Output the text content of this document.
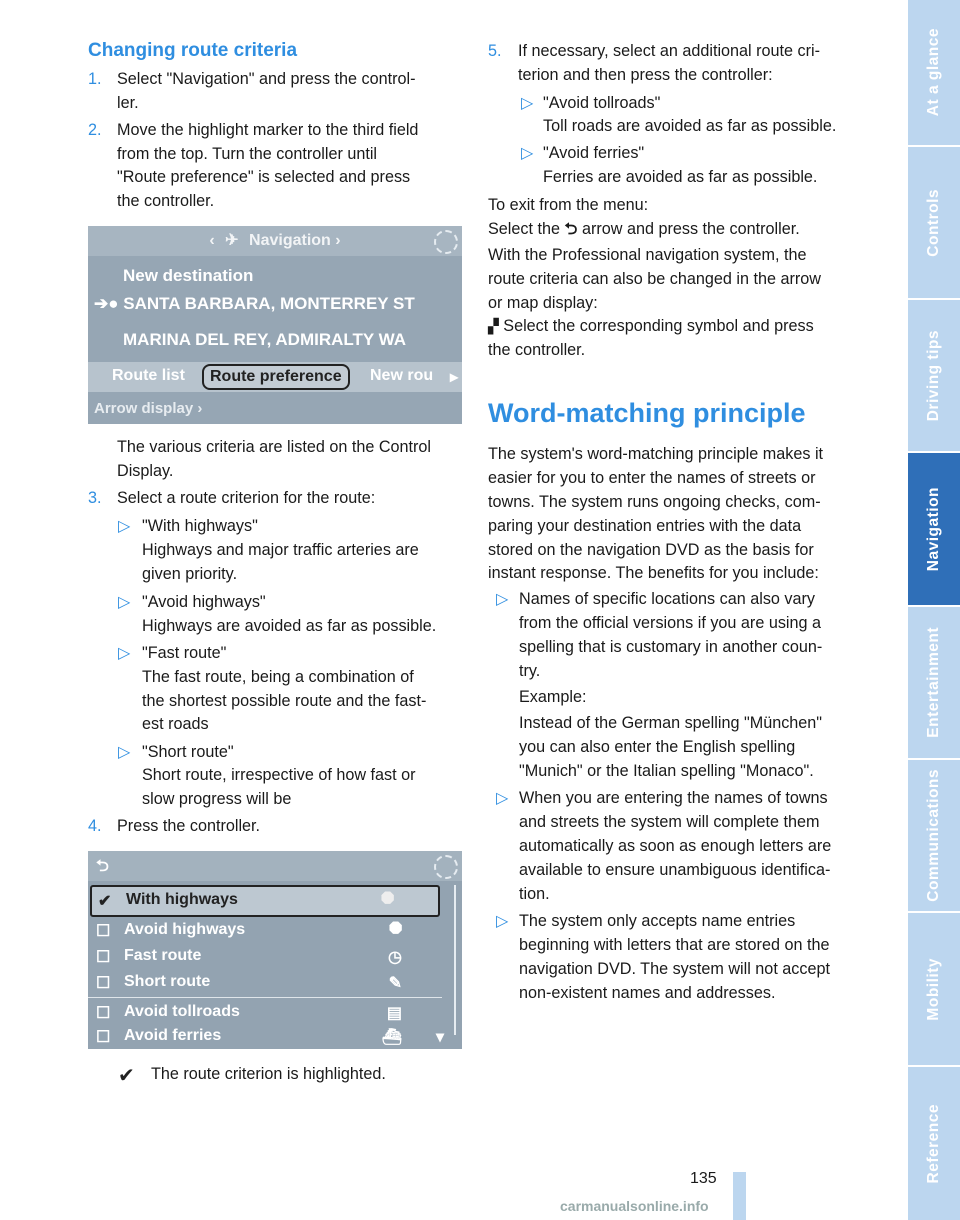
Changing route criteria
1. Select "Navigation" and press the control-
ler.
2. Move the highlight marker to the third field
from the top. Turn the controller until
"Route preference" is selected and press
the controller.
‹ ✈ Navigation ›
New destination
➔● SANTA BARBARA, MONTERREY ST
MARINA DEL REY, ADMIRALTY WA
Route list	Route preference	New rou ▸
Arrow display ›
The various criteria are listed on the Control
Display.
3. Select a route criterion for the route:
▷ "With highways"
Highways and major traffic arteries are
given priority.
▷ "Avoid highways"
Highways are avoided as far as possible.
▷ "Fast route"
The fast route, being a combination of
the shortest possible route and the fast-
est roads
▷ "Short route"
Short route, irrespective of how fast or
slow progress will be
4. Press the controller.
⮌
✔ With highways	⯃
☐ Avoid highways	⯃
☐ Fast route	◷
☐ Short route	✎
☐ Avoid tollroads	▤
☐ Avoid ferries	⛴ ▾
✔ The route criterion is highlighted.
5. If necessary, select an additional route cri-
terion and then press the controller:
▷ "Avoid tollroads"
Toll roads are avoided as far as possible.
▷ "Avoid ferries"
Ferries are avoided as far as possible.
To exit from the menu:
Select the ⮌ arrow and press the controller.
With the Professional navigation system, the
route criteria can also be changed in the arrow
or map display:
▞ Select the corresponding symbol and press
the controller.
Word-matching principle
The system's word-matching principle makes it
easier for you to enter the names of streets or
towns. The system runs ongoing checks, com-
paring your destination entries with the data
stored on the navigation DVD as the basis for
instant response. The benefits for you include:
▷ Names of specific locations can also vary
from the official versions if you are using a
spelling that is customary in another coun-
try.
Example:
Instead of the German spelling "München"
you can also enter the English spelling
"Munich" or the Italian spelling "Monaco".
▷ When you are entering the names of towns
and streets the system will complete them
automatically as soon as enough letters are
available to ensure unambiguous identifica-
tion.
▷ The system only accepts name entries
beginning with letters that are stored on the
navigation DVD. The system will not accept
non-existent names and addresses.
135
At a glance
Controls
Driving tips
Navigation
Entertainment
Communications
Mobility
Reference
carmanualsonline.info
